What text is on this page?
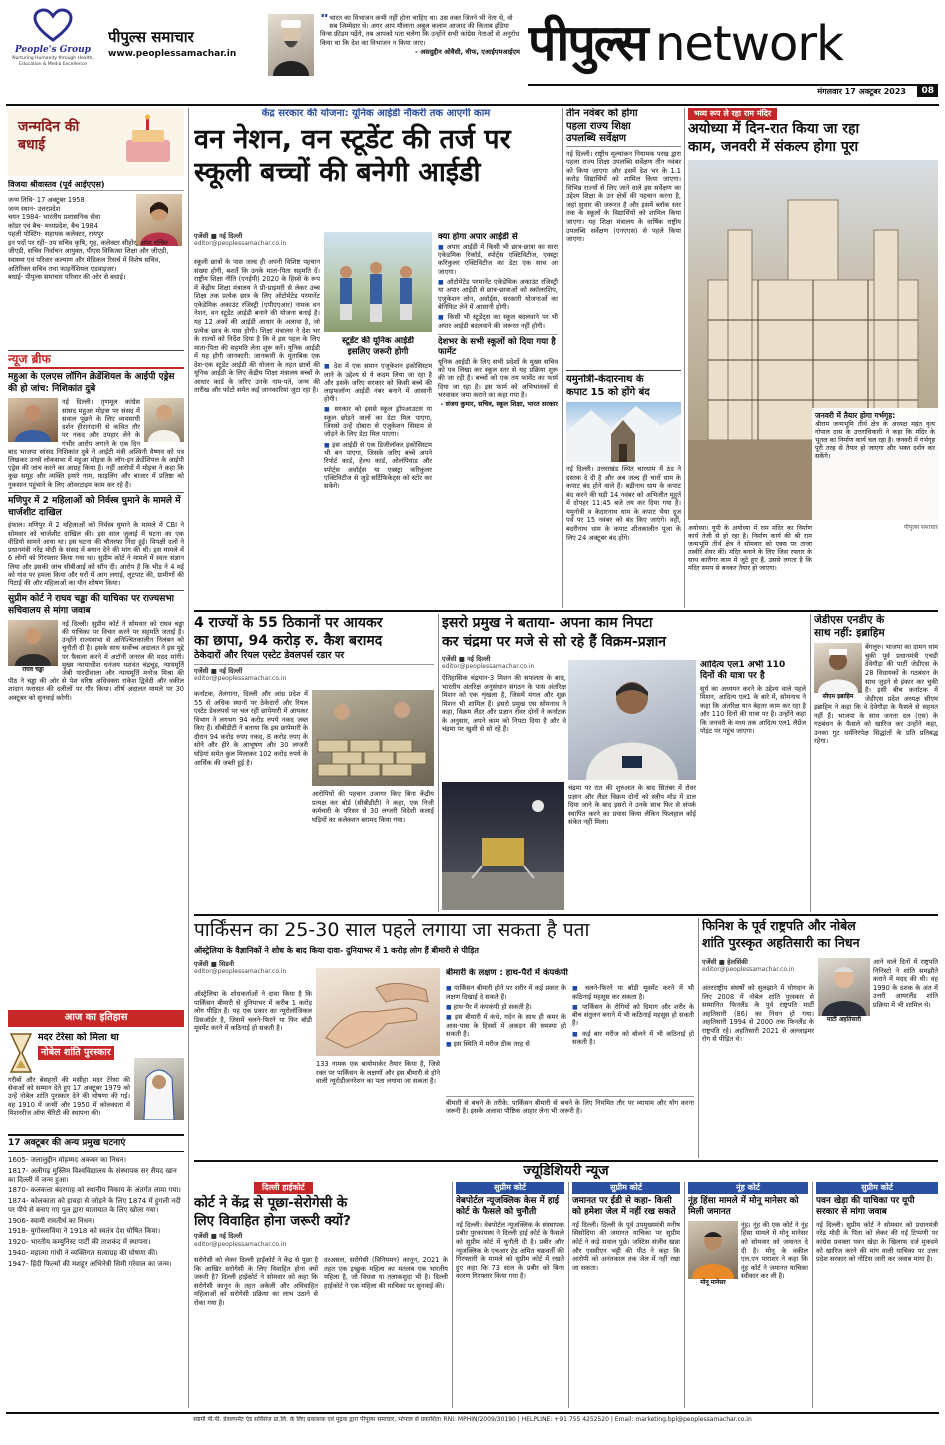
People's Group
Nurturing Humanity through Health, Education & Media Excellence
पीपुल्स समाचार
www.peoplessamachar.in
“ भारत का विभाजन कभी नहीं होना चाहिए था। उस वक्त जितने भी नेता थे, वो सब जिम्मेदार थे। अगर आप मौलाना अबुल कलाम आजाद की किताब इंडिया विन्स फ्रीडम पढ़ेंगे, तब आपको पता चलेगा कि उन्होंने सभी कांग्रेस नेताओं से अनुरोध किया था कि देश का विभाजन न किया जाए।
- असदुद्दीन ओवैसी, चीफ, एआईएमआईएम पीपुल्स network
मंगलवार 17 अक्टूबर 2023	08
जन्मदिन की बधाई
विजया श्रीवास्तव (पूर्व आईएएस)
जन्म तिथि- 17 अक्टूबर 1958
जन्म स्थान- उत्तरप्रदेश
चयन 1984- भारतीय प्रशासनिक सेवा
कॉडर एवं बैच- मध्यप्रदेश, बैच 1984
पहली पोस्टिंग- सहायक कलेक्टर, रायपुर
इन पदों पर रहीं- उप सचिव कृषि, गृह, कलेक्टर सीहोर, अपर सचिव जीएडी, सचिव निर्वाचन आयुक्त, पीएस विकित्सा शिक्षा और जीएडी, स्वास्थ्य एवं परिवार कल्याण और मेडिकल रिसर्च में विशेष सचिव, अतिरिक्त सचिव तथा फाइनेंशियल एडवाइजर।
बधाई- पीपुल्स समाचार परिवार की ओर से बधाई।
न्यूज ब्रीफ
महुआ के एलएस लॉगिन क्रेडेंशियल के आईपी एड्रेस की हो जांच: निशिकांत दुबे
नई दिल्ली। तृणमूल कांग्रेस सांसद महुआ मोइत्रा पर संसद में सवाल पूछने के लिए व्यवसायी दर्शन हीरानंदानी से कथित तौर पर नकद और उपहार लेने के गंभीर आरोप लगाने के एक दिन बाद भाजपा सांसद निशिकांत दुबे ने आईटी मंत्री अश्विनी वैष्णव को पत्र लिखकर उनसे लोकसभा में महुआ मोइत्रा के लॉग-इन क्रेडेंशियल के आईपी एड्रेस की जांच करने का आग्रह किया है। नहीं आरोपों में मोइत्रा ने कहा कि कुछ समूह और व्यक्ति हमारे नाम, फ़ाइलिंग और बाजार में प्रतिष्ठा को नुकसान पहुंचाने के लिए ओवरटाइम काम कर रहे हैं।
मणिपुर में 2 महिलाओं को निर्वस्त्र घुमाने के मामले में चार्जशीट दाखिल
इंफाल। मणिपुर में 2 महिलाओं को निर्वस्त्र घुमाने के मामले में CBI ने सोमवार को चार्जशीट दाखिल की। इस साल जुलाई में घटना का एक वीडियो सामने आया था। इस घटना की चौतरफा निंदा हुई। विपक्षी दलों ने प्रधानमंत्री नरेंद्र मोदी के संसद में बयान देने की मांग की थी। इस मामले में 6 लोगों को गिरफ्तार किया गया था। सुप्रीम कोर्ट ने मामले में स्वतः संज्ञान लिया और इसकी जांच सीबीआई को सौंप दी। आरोप है कि भीड़ ने 4 मई को गांव पर हमला किया और घरों में आग लगाई, लूटपाट की, ग्रामीणों की पिटाई की और महिलाओं का यौन शोषण किया।
सुप्रीम कोर्ट ने राघव चड्ढा की याचिका पर राज्यसभा सचिवालय से मांगा जवाब
राघव चड्ढा
नई दिल्ली। सुप्रीम कोर्ट ने सोमवार को राघव चड्ढा की याचिका पर विचार करने पर सहमति जताई है। उन्होंने राज्यसभा से अनिश्चितकालीन निलंबन को चुनौती दी है। इसके साथ सर्वोच्च अदालत ने इस मुद्दे पर फैसला करने में अटॉर्नी जनरल की मदद मांगी। मुख्य न्यायाधीश धनंजय यशवंत चंद्रचूड़, न्यायमूर्ति जेबी पारदीवाला और न्यायमूर्ति मनोज मिश्रा की पीठ ने चड्ढा की ओर से पेश वरिष्ठ अधिवक्ता राकेश द्विवेदी और वकील शादान फरासत की दलीलों पर गौर किया। शीर्ष अदालत मामले पर 30 अक्टूबर को सुनवाई करेगी।
आज का इतिहास
मदर टेरेसा को मिला था
नोबेल शांति पुरस्कार
गरीबों और बेसहारों की मसीहा मदर टेरेसा की सेवाओं को सम्मान देते हुए 17 अक्टूबर 1979 को उन्हें नोबेल शांति पुरस्कार देने की घोषणा की गई। वह 1910 में जन्मीं और 1950 में कोलकाता में मिशनरीज ऑफ चैरिटी की स्थापना की।
17 अक्टूबर की अन्य प्रमुख घटनाएं
1605- जलालुद्दीन मोहम्मद अकबर का निधन।
1817- अलीगढ़ मुस्लिम विश्वविद्यालय के संस्थापक सर सैयद खान का दिल्ली में जन्म हुआ।
1870- कलकत्ता बंदरगाह को स्थानीय निकाय के अंतर्गत लाया गया।
1874- कोलकाता को हावड़ा से जोड़ने के लिए 1874 में हुगली नदी पर पीपे से बनाए गए पुल द्वारा यातायात के लिए खोला गया।
1906- स्वामी रामतीर्थ का निधन।
1918- युगोस्लाविया ने 1918 को स्वतंत्र देश घोषित किया।
1920- भारतीय कम्युनिस्ट पार्टी की ताशकंद में स्थापना।
1940- महात्मा गांधी ने व्यक्तिगत सत्याग्रह की घोषणा की।
1947- हिंदी फिल्मों की मशहूर अभिनेत्री सिमी गरेवाल का जन्म।
केंद्र सरकार की योजना: यूनिक आईडी नौकरी तक आएगी काम
वन नेशन, वन स्टूडेंट की तर्ज पर
स्कूली बच्चों की बनेगी आईडी
एजेंसी ■ नई दिल्ली
editor@peoplessamachar.co.in
स्कूली छात्रों के पास जल्द ही अपनी विशिष्ट पहचान संख्या होगी, बशर्ते कि उनके माता-पिता सहमति दें। राष्ट्रीय शिक्षा नीति (एनईपी) 2020 के हिस्से के रूप में केंद्रीय शिक्षा मंत्रालय ने प्री-प्राइमरी से लेकर उच्च शिक्षा तक प्रत्येक छात्र के लिए ऑटोमेटेड परमानेंट एकेडेमिक अकाउंट रजिस्ट्री (एपीएएआर) नामक वन नेशन, वन स्टूडेंट आईडी बनाने की योजना बनाई है। यह 12 अंकों की आईडी आधार के अलावा है, जो प्रत्येक छात्र के पास होगी। शिक्षा मंत्रालय ने देश भर के राज्यों को निर्देश दिया है कि वे इस पहल के लिए माता-पिता की सहमति लेना शुरू करें। यूनिक आईडी में यह होगी जानकारी: जानकारी के मुताबिक एक देश-एक स्टूडेंट आईडी की योजना के तहत छात्रों की यूनिक आईडी के लिए केंद्रीय शिक्षा मंत्रालय बच्चों के आधार कार्ड के जरिए उनके नाम-पते, जन्म की तारीख और फोटो समेत कई जानकारियां जुटा रहा है।
स्टूडेंट की यूनिक आईडी
इसलिए जरूरी होगी
■ देश में एक समान एजुकेशन इकोसिस्टम लाने के उद्देश्य से ये कदम लिया जा रहा है और इसके जरिए सरकार को किसी बच्चे की लाइफलॉन्ग आईडी नंबर बनाने में आसानी होगी।
■ सरकार को इससे स्कूल ड्रॉपआउटस या स्कूल छोड़ने वालों का डेटा मिल पाएगा, जिससे उन्हें दोबारा से एजुकेशन सिस्टम से जोड़ने के लिए डेटा मिल पाएगा।
■ इस आईडी से एक डिजीलॉकर इकोसिस्टम भी बन पाएगा, जिसके जरिए बच्चे अपने रिपोर्ट कार्ड, हेल्थ कार्ड, ओलंपियाड और स्पोर्ट्स अवॉर्ड्स या एक्स्ट्रा करिकुलर एक्टिविटीज से जुड़े सर्टिफिकेट्स को स्टोर कर सकेंगे।
क्या होगा अपार आईडी से
■ अपार आईडी में किसी भी छात्र-छात्रा का सारा एकेडमिक रिकॉर्ड, स्पोर्ट्स एक्टिविटीज, एक्स्ट्रा करिकुलर एक्टिविटीज का डेटा एक साथ आ जाएगा।
■ ऑटोमेटेड परमानेंट एकेडेमिक अकाउंट रजिस्ट्री या अपार आईडी से छात्र-छात्राओं को स्कॉलरशिप, एजुकेशन लोन, अवॉर्ड्स, सरकारी योजनाओं का बेनिफिट लेने में आसानी होगी।
■ किसी भी स्टूडेंट्स का स्कूल बदलवाने पर भी अपार आईडी बदलवाने की जरूरत नहीं होगी।
देशभर के सभी स्कूलों को दिया गया है फार्मेट
यूनिक आईडी के लिए सभी प्रदेशों के मुख्य सचिव को पत्र लिखा कर स्कूल स्तर से यह प्रक्रिया शुरू की जा रही है। बच्चों को एक तय फार्मेट का फार्म दिया जा रहा है। इस फार्म को अभिभावकों से भरवाकर जमा कराने का कहा गया है।
- संजय कुमार, सचिव, स्कूल शिक्षा, भारत सरकार
तीन नवंबर को होगा
पहला राज्य शिक्षा
उपलब्धि सर्वेक्षण
नई दिल्ली। राष्ट्रीय मूल्यांकन नियामक परख द्वारा पहला राज्य शिक्षा उपलब्धि सर्वेक्षण तीन नवंबर को किया जाएगा और इसमें देश भर के 1.1 करोड़ विद्यार्थियों को शामिल किया जाएगा। विभिन्न राज्यों से लिए जाने वाले इस सर्वेक्षण का उद्देश्य शिक्षा के उन क्षेत्रों की पहचान करना है, जहां सुधार की जरूरत है और इसमें ब्लॉक स्तर तक के स्कूलों के विद्यार्थियों को शामिल किया जाएगा। यह शिक्षा मंत्रालय के वार्षिक राष्ट्रीय उपलब्धि सर्वेक्षण (एनएएस) से पहले किया जाएगा।
यमुनोत्री-केदारनाथ के
कपाट 15 को होंगे बंद
नई दिल्ली। उत्तराखंड स्थित चारधाम में ठंड ने दस्तक दे दी है और अब जल्द ही चारों धाम के कपाट बंद होने वाले हैं। बद्रीनाथ धाम के कपाट बंद करने की घड़ी 14 नवंबर को अभिजीत मुहूर्त में दोपहर 11:45 बजे तय कर दिया गया है। यमुनोत्री व केदारनाथ धाम के कपाट भैया दूज पर्व पर 15 नवंबर को बंद किए जाएंगे। वहीं, बदरीनाथ धाम के कपाट शीतकालीन पूजा के लिए 24 अक्टूबर बंद होंगे।
भव्य रूप ले रहा राम मंदिर
अयोध्या में दिन-रात किया जा रहा
काम, जनवरी में संकल्प होगा पूरा
जनवरी में तैयार होगा गर्भगृह:
श्रीराम जन्मभूमि तीर्थ क्षेत्र के अध्यक्ष महंत नृत्य गोपाल दास के उत्तराधिकारी ने कहा कि मंदिर के भूतल का निर्माण कार्य चल रहा है। जनवरी में गर्भगृह पूरी तरह से तैयार हो जाएगा और भक्त दर्शन कर सकेंगे।
अयोध्या। यूपी के अयोध्या में राम मंदिर का निर्माण कार्य तेजी से हो रहा है। निर्माण कार्य की श्री राम जन्मभूमि तीर्थ क्षेत्र ने सोमवार को एक्स पर ताजा तस्वीरें शेयर कीं। मंदिर बनाने के लिए जिस रफ्तार के साथ कारीगर काम में जुटे हुए हैं, उससे लगता है कि मंदिर समय से बनकर तैयार हो जाएगा।
पीपुल्स समाचार
4 राज्यों के 55 ठिकानों पर आयकर
का छापा, 94 करोड़ रु. कैश बरामद
ठेकेदारों और रियल एस्टेट डेवलपर्स रडार पर
एजेंसी ■ नई दिल्ली
editor@peoplessamachar.co.in
कर्नाटक, तेलंगाना, दिल्ली और आंध्र प्रदेश में 55 से अधिक स्थानों पर ठेकेदारों और रियल एस्टेट डेवलपर्स पर चल रही छापेमारी में आयकर विभाग ने लगभग 94 करोड़ रुपये नकद जब्त किए हैं। सीबीडीटी ने बताया कि इस छापेमारी के दौरान 94 करोड़ रुपए नकद, 8 करोड़ रुपए के सोने और हीरे के आभूषण और 30 लग्जरी घड़ियां समेत कुल मिलाकर 102 करोड़ रुपये के आर्थिक की जब्ती हुई है।
आरोपियों की पहचान उजागर किए बिना केंद्रीय प्रत्यक्ष कर बोर्ड (सीबीडीटी) ने कहा, एक निजी कर्मचारी के परिसर से 30 लग्जरी विदेशी कलाई घड़ियों का कलेक्शन बरामद किया गया।
इसरो प्रमुख ने बताया- अपना काम निपटा
कर चंद्रमा पर मजे से सो रहे हैं विक्रम-प्रज्ञान
एजेंसी ■ नई दिल्ली
editor@peoplessamachar.co.in
ऐतिहासिक चंद्रयान-3 मिशन की सफलता के बाद, भारतीय अंतरिक्ष अनुसंधान संगठन के पास अंतरिक्ष मिशन को एक शृंखला है, जिसमें मंगल और शुक्र मिशन भी शामिल हैं। इसरो प्रमुख एस सोमनाथ ने कहा, विक्रम लैंडर और प्रज्ञान रोवर दोनों ने कर्नाटक के अनुसार, अपने काम को निपटा दिया है और वे चंद्रमा पर खुशी से सो रहे हैं।
चंद्रमा पर रात की शुरुआत के बाद सितंबर में रोवर प्रज्ञान और लैंडर विक्रम दोनों को स्लीप मोड में डाल दिया जाने के बाद इसरो ने उनके साथ फिर से संपर्क स्थापित करने का प्रयास किया लेकिन फिलहाल कोई संकेत नहीं मिला।
आदित्य एल1 अभी 110
दिनों की यात्रा पर है
सूर्य का अध्ययन करने के उद्देश्य वाले पहले मिशन, आदित्य एल1 के बारे में, सोमनाथ ने कहा कि अंतरिक्ष यान बेहतर काम कर रहा है और 110 दिनों की यात्रा पर है। उन्होंने कहा कि जनवरी के मध्य तक आदित्य एल1 लैग्रेंज पॉइंट पर पहुंच जाएगा।
जेडीएस एनडीए के
साथ नहीं: इब्राहिम
सीएम इब्राहिम
बेंगलुरु। भाजपा का दामन थाम चुकी पूर्व प्रधानमंत्री एचडी देवेगौड़ा की पार्टी जेडीएस के 28 विधायकों के गठबंधन के साथ जुड़ने से इंकार कर चुकी है। इसी बीच कर्नाटक में जेडीएस प्रदेश अध्यक्ष सीएम इब्राहिम ने कहा कि वे देवेगौड़ा के फैसले से सहमत नहीं हैं। भाजपा के साथ जनता दल (एस) के गठबंधन के फैसले को खारिज कर उन्होंने कहा, उनका गुट धर्मनिरपेक्ष सिद्धांतों के प्रति प्रतिबद्ध रहेगा।
पार्किंसन का 25-30 साल पहले लगाया जा सकता है पता
ऑस्ट्रेलिया के वैज्ञानिकों ने शोध के बाद किया दावा- दुनियाभर में 1 करोड़ लोग हैं बीमारी से पीड़ित
एजेंसी ■ सिडनी
editor@peoplessamachar.co.in
ऑस्ट्रेलिया के शोधकर्ताओं ने दावा किया है कि पार्किंसन बीमारी से दुनियाभर में करीब 1 करोड़ लोग पीड़ित हैं। यह एक प्रकार का न्यूरोलॉजिकल डिसऑर्डर है, जिसमें चलने-फिरने या फिर बॉडी मूवमेंट करने में कठिनाई हो सकती है।
133 नामक एक बायोमार्कर तैयार किया है, जिसे रक्त पर पार्किंसन के लक्षणों और इस बीमारी से होने वाली न्यूरोडीजनरेशन का पता लगाया जा सकता है।
बीमारी के लक्षण : हाथ-पैरों में कंपकंपी
■ पार्किंसन बीमारी होने पर शरीर में कई प्रकार के लक्षण दिखाई दे सकते हैं।
■ हाथ-पैर में कंपकंपी हो सकती है।
■ इस बीमारी में कंधे, गर्दन के साथ ही कमर के आस-पास के हिस्सों में अकड़न की समस्या हो सकती है।
■ इस स्थिति में मरीज ठीक तरह से
■ चलने-फिरने या बॉडी मूवमेंट करने में भी कठिनाई महसूस कर सकता है।
■ पार्किंसन के रोगियों को दिमाग और शरीर के बीच संतुलन बनाने में भी कठिनाई महसूस हो सकती है।
■ कई बार मरीज को बोलने में भी कठिनाई हो सकती है।
बीमारी से बचने के तरीके: पार्किंसन बीमारी से बचने के लिए नियमित तौर पर व्यायाम और योग करना जरूरी है। इसके अलावा पौष्टिक आहार लेना भी जरूरी है।
फिनिश के पूर्व राष्ट्रपति और नोबेल
शांति पुरस्कृत अहतिसारी का निधन
एजेंसी ■ हेलसिंकी
editor@peoplessamachar.co.in
अंतरराष्ट्रीय संघर्षों को सुलझाने में योगदान के लिए 2008 में नोबेल शांति पुरस्कार से सम्मानित फिनलैंड के पूर्व राष्ट्रपति मार्टी अहतिसारी (86) का निधन हो गया। अहतिसारी 1994 से 2000 तक फिनलैंड के राष्ट्रपति रहे। अहतिसारी 2021 से अल्जाइमर रोग से पीड़ित थे।
मार्टी अहतिसारी
आने वाले दिनों में राष्ट्रपति निनिस्टो ने शांति समझौते कराने में मदद की थी। वह 1990 के दशक के अंत में उत्तरी आयरलैंड शांति प्रक्रिया में भी शामिल थे।
ज्यूडिशियरी न्यूज
दिल्ली हाईकोर्ट
कोर्ट ने केंद्र से पूछा-सेरोगेसी के
लिए विवाहित होना जरूरी क्यों?
एजेंसी ■ नई दिल्ली
editor@peoplessamachar.co.in
सरोगेसी को लेकर दिल्ली हाईकोर्ट ने केंद्र से पूछा है कि आखिर सरोगेसी के लिए विवाहित होना क्यों जरूरी है? दिल्ली हाईकोर्ट ने सोमवार को कहा कि सरोगेसी कानून के तहत अकेली और अविवाहित महिलाओं को सरोगेसी प्रक्रिया का लाभ उठाने से रोका गया है।
दरअसल, सरोगेसी (विनियमन) कानून, 2021 के तहत एक इच्छुक महिला का मतलब एक भारतीय महिला है, जो विधवा या तलाकशुदा भी है। दिल्ली हाईकोर्ट ने एक महिला की याचिका पर सुनवाई की।
सुप्रीम कोर्ट
वेबपोर्टल न्यूजक्लिक केस में हाई कोर्ट के फैसले को चुनौती
नई दिल्ली। वेबपोर्टल न्यूजक्लिक के संस्थापक प्रबीर पुरकायस्थ ने दिल्ली हाई कोर्ट के फैसले को सुप्रीम कोर्ट में चुनौती दी है। प्रबीर और न्यूजक्लिक के एचआर हेड अमित चक्रवर्ती की गिरफ्तारी के मामले को सुप्रीम कोर्ट में रखते हुए कहा कि 73 साल के प्रबीर को बिना कारण गिरफ्तार किया गया है।
सुप्रीम कोर्ट
जमानत पर ईडी से कहा- किसी को हमेशा जेल में नहीं रख सकते
नई दिल्ली। दिल्ली के पूर्व उपमुख्यमंत्री मनीष सिसोदिया की जमानत याचिका पर सुप्रीम कोर्ट ने कड़े सवाल पूछे। जस्टिस संजीव खन्ना और एसवीएन भट्टी की पीठ ने कहा कि आरोपी को अनंतकाल तक जेल में नहीं रखा जा सकता।
नूंह कोर्ट
नूंह हिंसा मामले में मोनू मानेसर को मिली जमानत
मोनू मानेसर
नूंह। नूंह की एक कोर्ट ने नूंह हिंसा मामले में मोनू मानेसर को सोमवार को जमानत दे दी है। मोनू के वकील एल.एन पाराशर ने कहा कि नूंह कोर्ट ने जमानत याचिका स्वीकार कर ली है।
सुप्रीम कोर्ट
पवन खेड़ा की याचिका पर यूपी सरकार से मांगा जवाब
नई दिल्ली। सुप्रीम कोर्ट ने सोमवार को प्रधानमंत्री नरेंद्र मोदी के पिता को लेकर की गई टिप्पणी पर कांग्रेस प्रवक्ता पवन खेड़ा के खिलाफ दर्ज मुकदमे को खारिज करने की मांग वाली याचिका पर उत्तर प्रदेश सरकार को नोटिस जारी कर जवाब मांगा है।
स्वामी पी.पी. डेवलपमेंट एंड सर्विसेज प्रा.लि. के लिए प्रकाशक एवं मुद्रक द्वारा पीपुल्स समाचार, भोपाल से प्रकाशित। RNI: MPHIN/2009/30190 | HELPLINE: +91 755 4252520 | Email: marketing.bpl@peoplessamachar.co.in
